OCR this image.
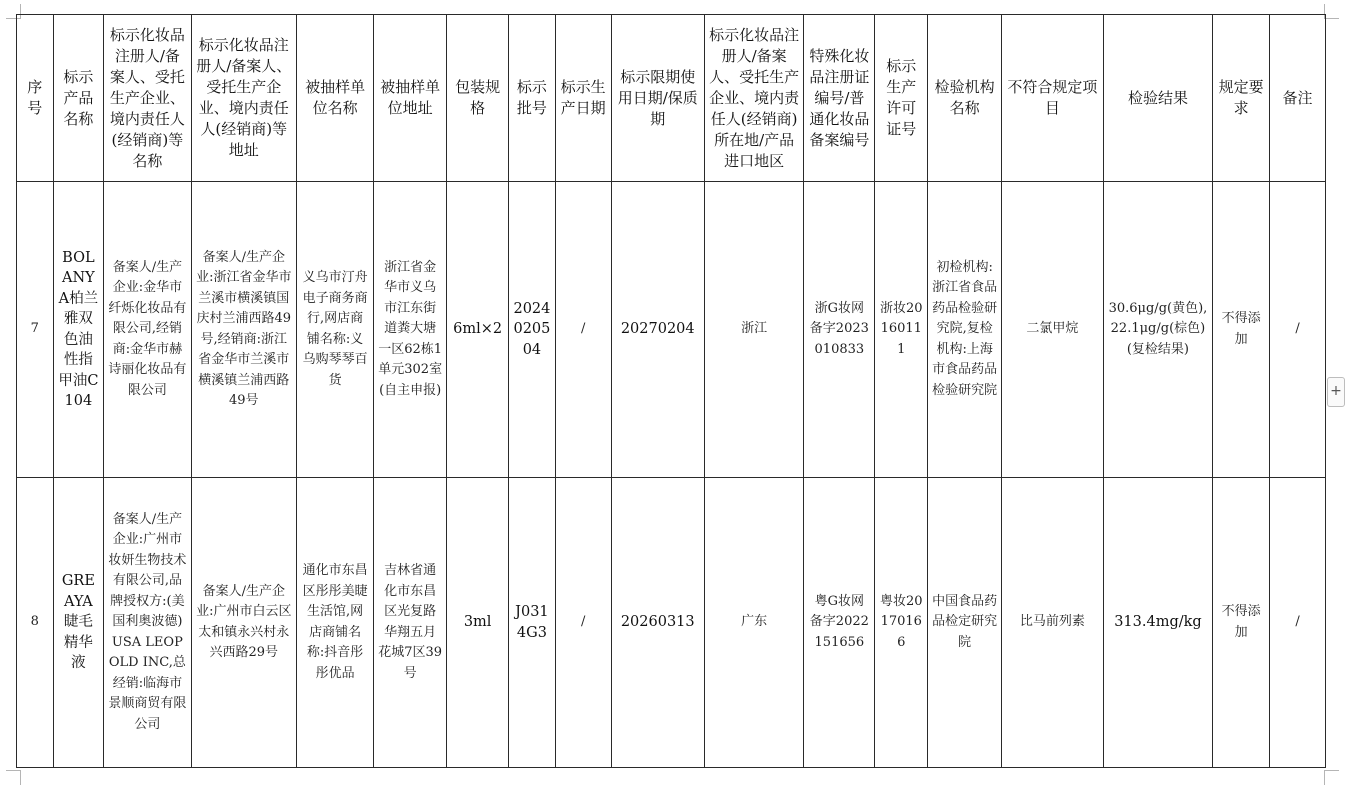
序号	标示产品名称	标示化妆品注册人/备案人、受托生产企业、境内责任人(经销商)等名称	标示化妆品注册人/备案人、受托生产企业、境内责任人(经销商)等地址	被抽样单位名称	被抽样单位地址	包装规格	标示批号	标示生产日期	标示限期使用日期/保质期	标示化妆品注册人/备案人、受托生产企业、境内责任人(经销商)所在地/产品进口地区	特殊化妆品注册证编号/普通化妆品备案编号	标示生产许可证号	检验机构名称	不符合规定项目	检验结果	规定要求	备注
7	BOLANYA柏兰雅双色油性指甲油C104	备案人/生产企业:金华市纤烁化妆品有限公司,经销商:金华市赫诗丽化妆品有限公司	备案人/生产企业:浙江省金华市兰溪市横溪镇国庆村兰浦西路49号,经销商:浙江省金华市兰溪市横溪镇兰浦西路49号	义乌市汀舟电子商务商行,网店商铺名称:义乌购琴琴百货	浙江省金华市义乌市江东街道粪大塘一区62栋1单元302室(自主申报)	6ml×2	20240205 04	/	20270204	浙江	浙G妆网备字2023010833	浙妆20160111	初检机构:浙江省食品药品检验研究院,复检机构:上海市食品药品检验研究院	二氯甲烷	30.6μg/g(黄色),22.1μg/g(棕色)(复检结果)	不得添加	/
8	GREAYA睫毛精华液	备案人/生产企业:广州市妆妍生物技术有限公司,品牌授权方:(美国利奥波德)USA LEOPOLD INC,总经销:临海市景顺商贸有限公司	备案人/生产企业:广州市白云区太和镇永兴村永兴西路29号	通化市东昌区彤彤美睫生活馆,网店商铺名称:抖音彤彤优品	吉林省通化市东昌区光复路华翔五月花城7区39号	3ml	J0314G3	/	20260313	广东	粤G妆网备字2022151656	粤妆20170166	中国食品药品检定研究院	比马前列素	313.4mg/kg	不得添加	/
+
